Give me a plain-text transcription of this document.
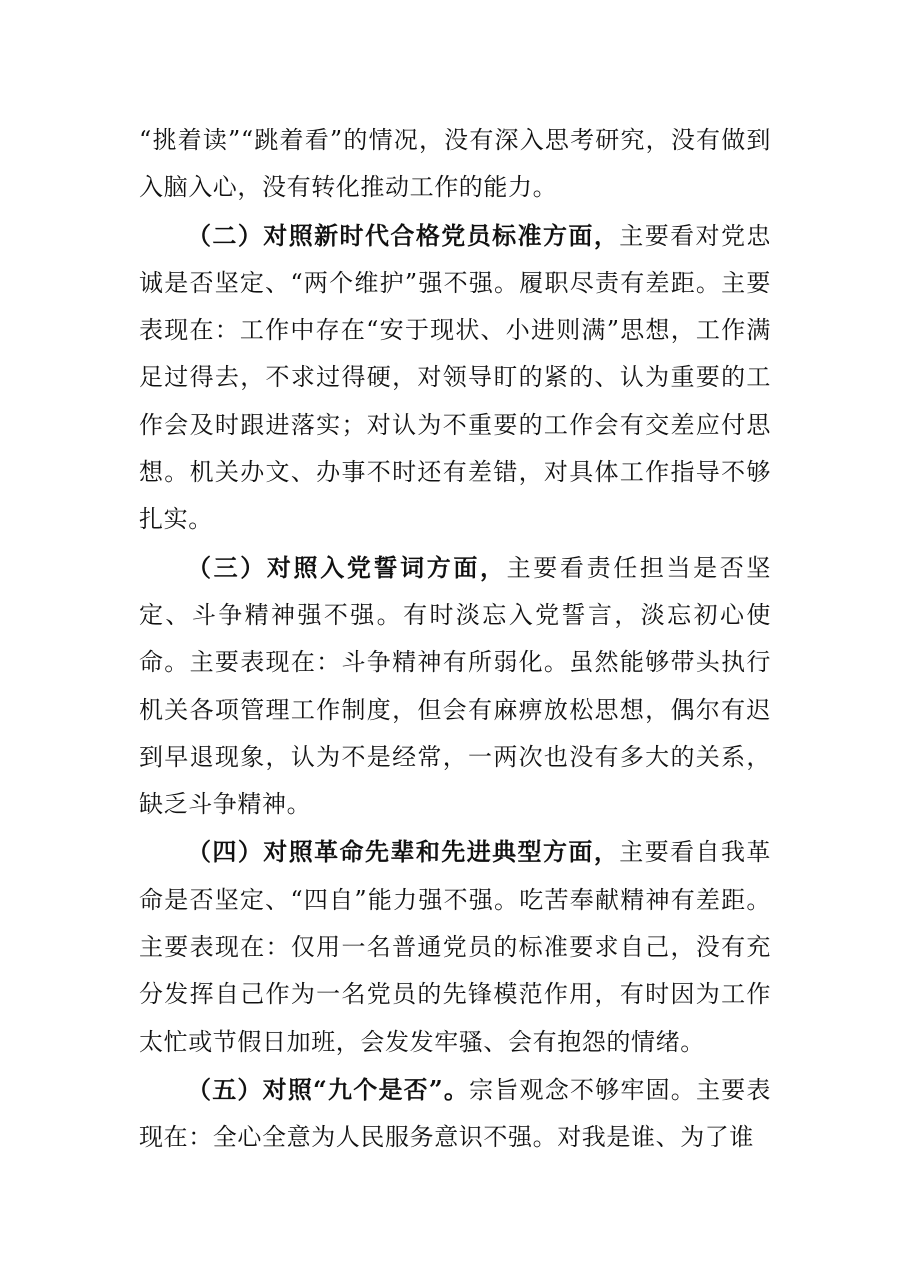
“挑着读”“跳着看”的情况，没有深入思考研究，没有做到入脑入心，没有转化推动工作的能力。

（二）对照新时代合格党员标准方面，主要看对党忠诚是否坚定、“两个维护”强不强。履职尽责有差距。主要表现在：工作中存在“安于现状、小进则满”思想，工作满足过得去，不求过得硬，对领导盯的紧的、认为重要的工作会及时跟进落实；对认为不重要的工作会有交差应付思想。机关办文、办事不时还有差错，对具体工作指导不够扎实。

（三）对照入党誓词方面，主要看责任担当是否坚定、斗争精神强不强。有时淡忘入党誓言，淡忘初心使命。主要表现在：斗争精神有所弱化。虽然能够带头执行机关各项管理工作制度，但会有麻痹放松思想，偶尔有迟到早退现象，认为不是经常，一两次也没有多大的关系，缺乏斗争精神。

（四）对照革命先辈和先进典型方面，主要看自我革命是否坚定、“四自”能力强不强。吃苦奉献精神有差距。主要表现在：仅用一名普通党员的标准要求自己，没有充分发挥自己作为一名党员的先锋模范作用，有时因为工作太忙或节假日加班，会发发牢骚、会有抱怨的情绪。

（五）对照“九个是否”。宗旨观念不够牢固。主要表现在：全心全意为人民服务意识不强。对我是谁、为了谁
